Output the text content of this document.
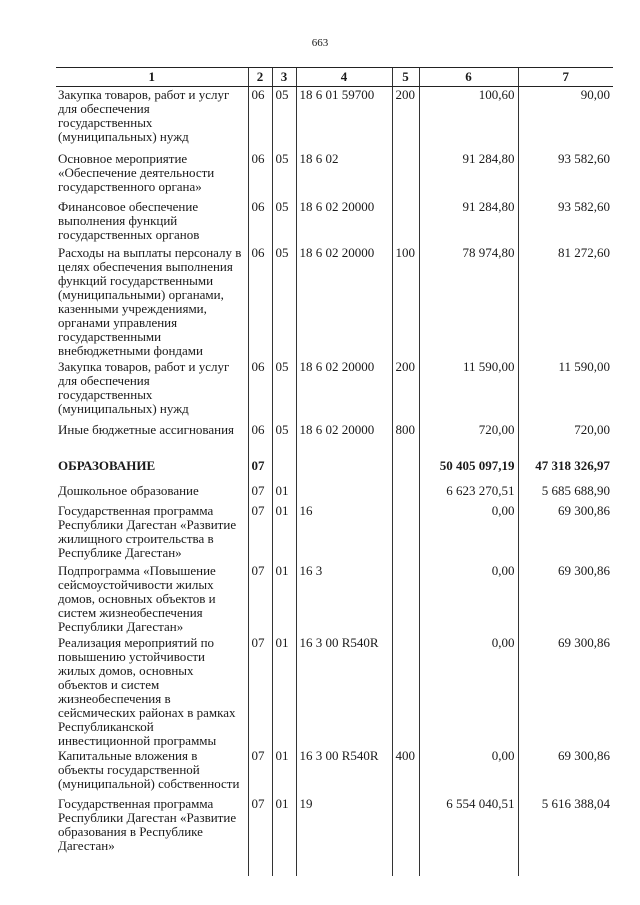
663
1	2	3	4	5	6	7
Закупка товаров, работ и услуг для обеспечения государственных (муниципальных) нужд	06	05	18 6 01 59700	200	100,60	90,00
Основное мероприятие «Обеспечение деятельности государственного органа»	06	05	18 6 02		91 284,80	93 582,60
Финансовое обеспечение выполнения функций государственных органов	06	05	18 6 02 20000		91 284,80	93 582,60
Расходы на выплаты персоналу в целях обеспечения выполнения функций государственными (муниципальными) органами, казенными учреждениями, органами управления государственными внебюджетными фондами	06	05	18 6 02 20000	100	78 974,80	81 272,60
Закупка товаров, работ и услуг для обеспечения государственных (муниципальных) нужд	06	05	18 6 02 20000	200	11 590,00	11 590,00
Иные бюджетные ассигнования	06	05	18 6 02 20000	800	720,00	720,00
ОБРАЗОВАНИЕ	07				50 405 097,19	47 318 326,97
Дошкольное образование	07	01			6 623 270,51	5 685 688,90
Государственная программа Республики Дагестан «Развитие жилищного строительства в Республике Дагестан»	07	01	16		0,00	69 300,86
Подпрограмма «Повышение сейсмоустойчивости жилых домов, основных объектов и систем жизнеобеспечения Республики Дагестан»	07	01	16 3		0,00	69 300,86
Реализация мероприятий по повышению устойчивости жилых домов, основных объектов и систем жизнеобеспечения в сейсмических районах в рамках Республиканской инвестиционной программы	07	01	16 3 00 R540R		0,00	69 300,86
Капитальные вложения в объекты государственной (муниципальной) собственности	07	01	16 3 00 R540R	400	0,00	69 300,86
Государственная программа Республики Дагестан «Развитие образования в Республике Дагестан»	07	01	19		6 554 040,51	5 616 388,04
